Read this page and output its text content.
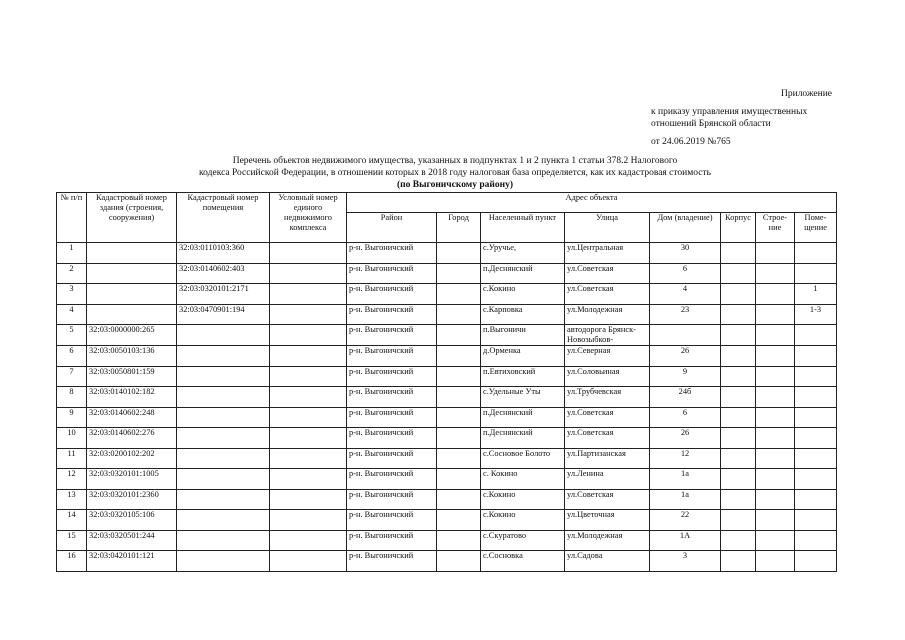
Приложение
к приказу управления имущественных
отношений Брянской области
от 24.06.2019 №765
Перечень объектов недвижимого имущества, указанных в подпунктах 1 и 2 пункта 1 статьи 378.2 Налогового
кодекса Российской Федерации, в отношении которых в 2018 году налоговая база определяется, как их кадастровая стоимость
(по Выгоничскому району)
№ п/п	Кадастровый номер здания (строения, сооружения)	Кадастровый номер помещения	Условный номер единого недвижимого комплекса	Адрес объекта							
				Район	Город	Населенный пункт	Улица	Дом (владение)	Корпус	Строе-ние	Поме-щение
1		32:03:0110103:360		р-н. Выгоничский		с.Уручье,	ул.Центральная	30			
2		32:03:0140602:403		р-н. Выгоничский		п.Деснянский	ул.Советская	6			
3		32:03:0320101:2171		р-н. Выгоничский		с.Кокино	ул.Советская	4			1
4		32:03:0470901:194		р-н. Выгоничский		с.Карповка	ул.Молодежная	23			1-3
5	32:03:0000000:265			р-н. Выгоничский		п.Выгоничи	автодорога Брянск-Новозыбков-				
6	32:03:0050103:136			р-н. Выгоничский		д.Орменка	ул.Северная	26			
7	32:03:0050801:159			р-н. Выгоничский		п.Евтиховский	ул.Соловьиная	9			
8	32:03:0140102:182			р-н. Выгоничский		с.Удельные Уты	ул.Трубчевская	24б			
9	32:03:0140602:248			р-н. Выгоничский		п.Деснянский	ул.Советская	6			
10	32:03:0140602:276			р-н. Выгоничский		п.Деснянский	ул.Советская	26			
11	32:03:0200102:202			р-н. Выгоничский		с.Сосновое Болото	ул.Партизанская	12			
12	32:03:0320101:1005			р-н. Выгоничский		с. Кокино	ул.Ленина	1а			
13	32:03:0320101:2360			р-н. Выгоничский		с.Кокино	ул.Советская	1а			
14	32:03:0320105:106			р-н. Выгоничский		с.Кокино	ул.Цветочная	22			
15	32:03:0320501:244			р-н. Выгоничский		с.Скуратово	ул.Молодежная	1А			
16	32:03:0420101:121			р-н. Выгоничский		с.Сосновка	ул.Садова	3			
